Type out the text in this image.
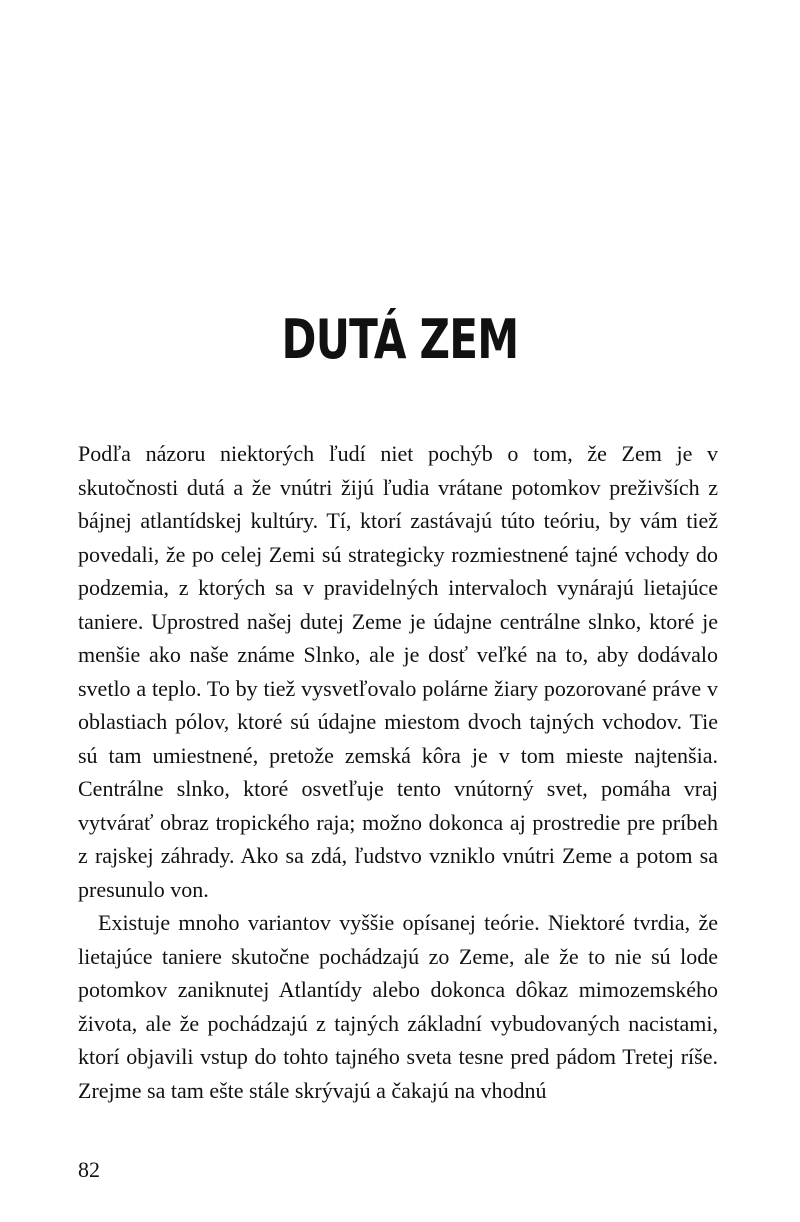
DUTÁ ZEM

Podľa názoru niektorých ľudí niet pochýb o tom, že Zem je v skutočnosti dutá a že vnútri žijú ľudia vrátane potomkov preživších z bájnej atlantídskej kultúry. Tí, ktorí zastávajú túto teóriu, by vám tiež povedali, že po celej Zemi sú strategicky rozmiestnené tajné vchody do podzemia, z ktorých sa v pravidelných intervaloch vynárajú lietajúce taniere. Uprostred našej dutej Zeme je údajne centrálne slnko, ktoré je menšie ako naše známe Slnko, ale je dosť veľké na to, aby dodávalo svetlo a teplo. To by tiež vysvetľovalo polárne žiary pozorované práve v oblastiach pólov, ktoré sú údajne miestom dvoch tajných vchodov. Tie sú tam umiestnené, pretože zemská kôra je v tom mieste najtenšia. Centrálne slnko, ktoré osvetľuje tento vnútorný svet, pomáha vraj vytvárať obraz tropického raja; možno dokonca aj prostredie pre príbeh z rajskej záhrady. Ako sa zdá, ľudstvo vzniklo vnútri Zeme a potom sa presunulo von.

Existuje mnoho variantov vyššie opísanej teórie. Niektoré tvrdia, že lietajúce taniere skutočne pochádzajú zo Zeme, ale že to nie sú lode potomkov zaniknutej Atlantídy alebo dokonca dôkaz mimozemského života, ale že pochádzajú z tajných základní vybudovaných nacistami, ktorí objavili vstup do tohto tajného sveta tesne pred pádom Tretej ríše. Zrejme sa tam ešte stále skrývajú a čakajú na vhodnú

82
